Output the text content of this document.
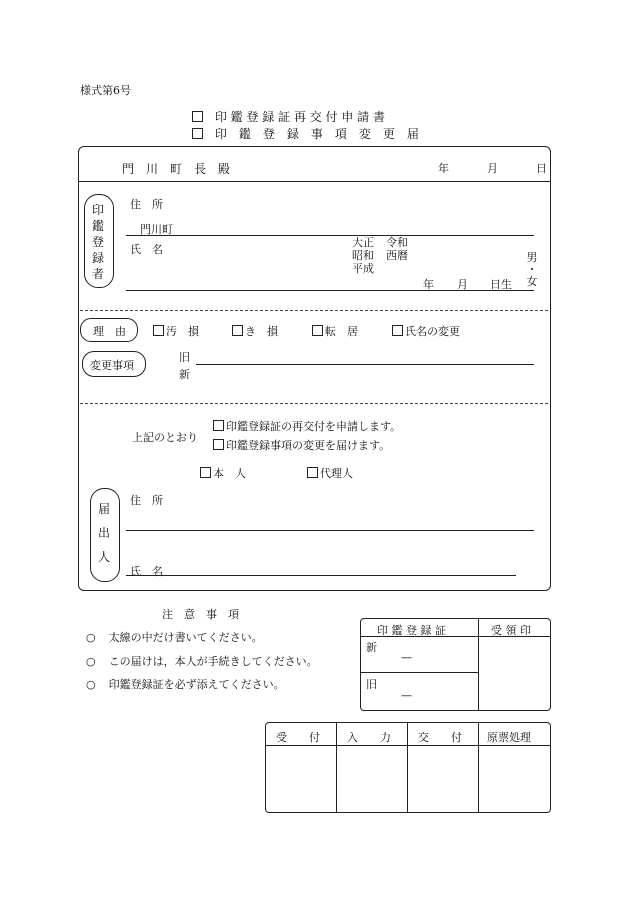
様式第6号
印 鑑 登 録 証 再 交 付 申 請 書
印　鑑　登　録　事　項　変　更　届
門　川　町　長　殿	年	月	日
印鑑登録者
住　所
門川町
氏　名
大正
昭和
平成
令和
西暦
年 月 日生
男
・
女
理　由	汚　損	き　損	転　居	氏名の変更
変更事項
旧
新
上記のとおり
印鑑登録証の再交付を申請します。
印鑑登録事項の変更を届けます。
本　人	代理人
届出人
住　所
氏　名
注　意　事　項
○ 太線の中だけ書いてください。
○ この届けは，本人が手続きしてください。
○ 印鑑登録証を必ず添えてください。
印 鑑 登 録 証	受 領 印
新
—
旧
—
受　　付 入　　力 交　　付 原票処理
